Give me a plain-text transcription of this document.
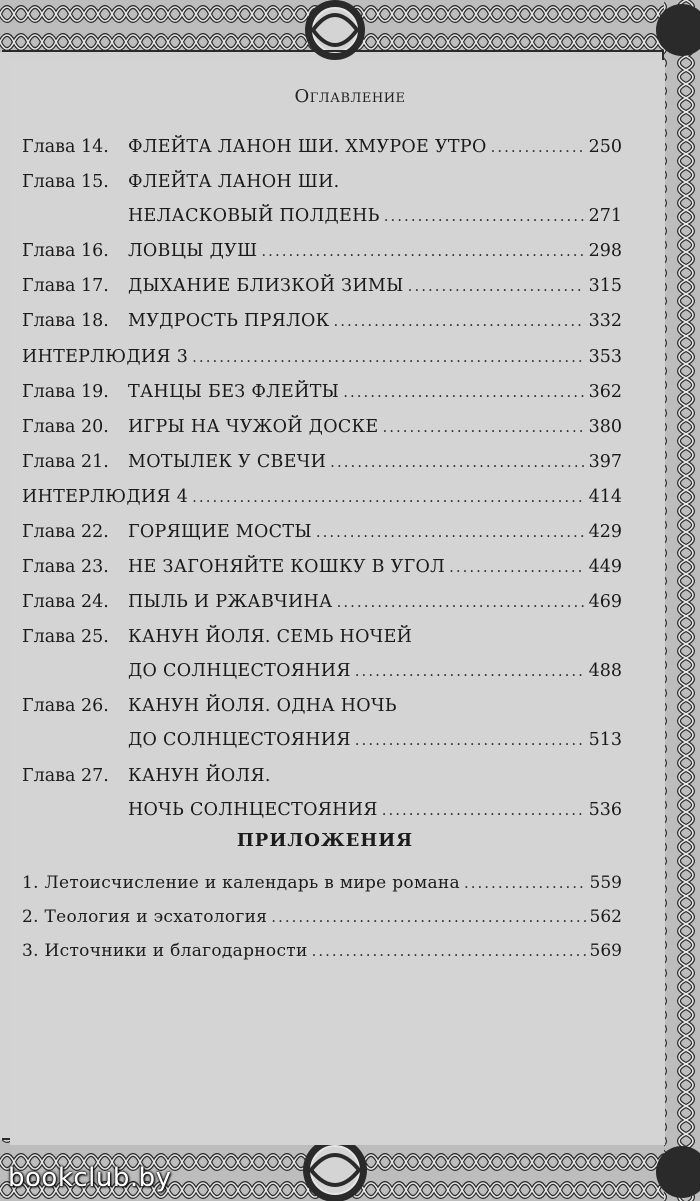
Оглавление
Глава 14.	ФЛЕЙТА ЛАНОН ШИ. ХМУРОЕ УТРО .....	250
Глава 15.	ФЛЕЙТА ЛАНОН ШИ.
НЕЛАСКОВЫЙ ПОЛДЕНЬ .....	271
Глава 16.	ЛОВЦЫ ДУШ .....	298
Глава 17.	ДЫХАНИЕ БЛИЗКОЙ ЗИМЫ .....	315
Глава 18.	МУДРОСТЬ ПРЯЛОК .....	332
ИНТЕРЛЮДИЯ 3 .....	353
Глава 19.	ТАНЦЫ БЕЗ ФЛЕЙТЫ .....	362
Глава 20.	ИГРЫ НА ЧУЖОЙ ДОСКЕ .....	380
Глава 21.	МОТЫЛЕК У СВЕЧИ .....	397
ИНТЕРЛЮДИЯ 4 .....	414
Глава 22.	ГОРЯЩИЕ МОСТЫ .....	429
Глава 23.	НЕ ЗАГОНЯЙТЕ КОШКУ В УГОЛ .....	449
Глава 24.	ПЫЛЬ И РЖАВЧИНА .....	469
Глава 25.	КАНУН ЙОЛЯ. СЕМЬ НОЧЕЙ
ДО СОЛНЦЕСТОЯНИЯ .....	488
Глава 26.	КАНУН ЙОЛЯ. ОДНА НОЧЬ
ДО СОЛНЦЕСТОЯНИЯ .....	513
Глава 27.	КАНУН ЙОЛЯ.
НОЧЬ СОЛНЦЕСТОЯНИЯ .....	536
ПРИЛОЖЕНИЯ
1. Летоисчисление и календарь в мире романа .....	559
2. Теология и эсхатология .....	562
3. Источники и благодарности .....	569
bookclub.by
